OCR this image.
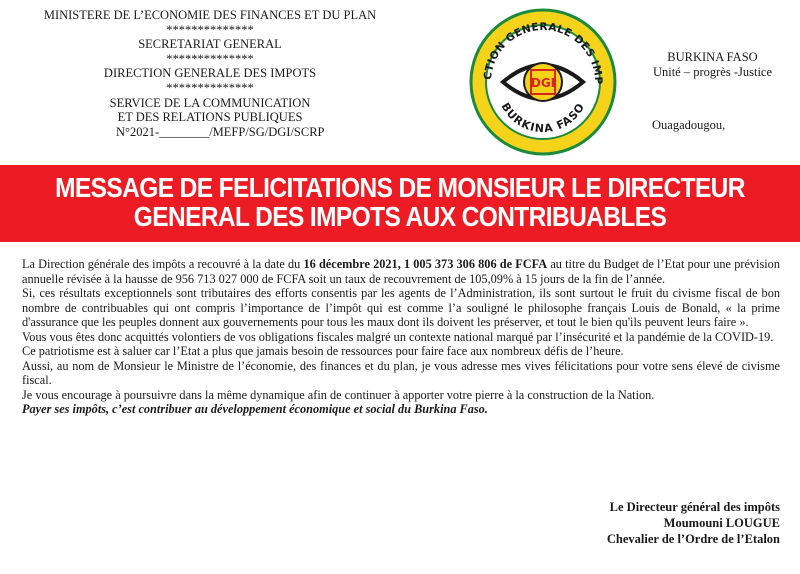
MINISTERE DE L’ECONOMIE DES FINANCES ET DU PLAN
**************
SECRETARIAT GENERAL
**************
DIRECTION GENERALE DES IMPOTS
**************
SERVICE DE LA COMMUNICATION
ET DES RELATIONS PUBLIQUES
N°2021-________/MEFP/SG/DGI/SCRP
CTION GENERALE DES IMP
BURKINA FASO
DGI
BURKINA FASO
Unité – progrès -Justice
Ouagadougou,
MESSAGE DE FELICITATIONS DE MONSIEUR LE DIRECTEUR
GENERAL DES IMPOTS AUX CONTRIBUABLES

La Direction générale des impôts a recouvré à la date du 16 décembre 2021, 1 005 373 306 806 de FCFA au titre du Budget de l’Etat pour une prévision annuelle révisée à la hausse de 956 713 027 000 de FCFA soit un taux de recouvrement de 105,09% à 15 jours de la fin de l’année.

Si, ces résultats exceptionnels sont tributaires des efforts consentis par les agents de l’Administration, ils sont surtout le fruit du civisme fiscal de bon nombre de contribuables qui ont compris l’importance de l’impôt qui est comme l’a souligné le philosophe français Louis de Bonald, « la prime d'assurance que les peuples donnent aux gouvernements pour tous les maux dont ils doivent les préserver, et tout le bien qu'ils peuvent leurs faire ».

Vous vous êtes donc acquittés volontiers de vos obligations fiscales malgré un contexte national marqué par l’insécurité et la pandémie de la COVID-19.

Ce patriotisme est à saluer car l’Etat a plus que jamais besoin de ressources pour faire face aux nombreux défis de l’heure.

Aussi, au nom de Monsieur le Ministre de l’économie, des finances et du plan, je vous adresse mes vives félicitations pour votre sens élevé de civisme fiscal.

Je vous encourage à poursuivre dans la même dynamique afin de continuer à apporter votre pierre à la construction de la Nation.

Payer ses impôts, c’est contribuer au développement économique et social du Burkina Faso.

Le Directeur général des impôts
Moumouni LOUGUE
Chevalier de l’Ordre de l’Etalon
